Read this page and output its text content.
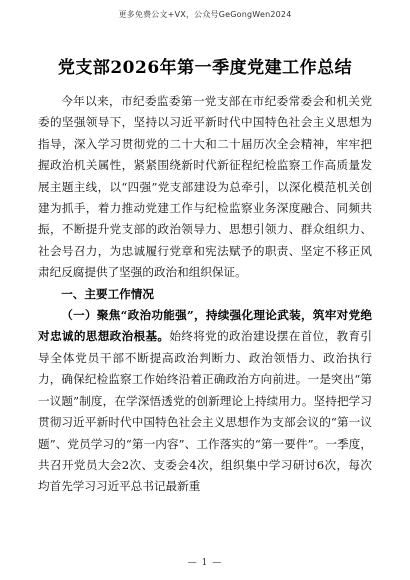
更多免费公文+VX，公众号GeGongWen2024
党支部2026年第一季度党建工作总结

今年以来，市纪委监委第一党支部在市纪委常委会和机关党委的坚强领导下，坚持以习近平新时代中国特色社会主义思想为指导，深入学习贯彻党的二十大和二十届历次全会精神，牢牢把握政治机关属性，紧紧围绕新时代新征程纪检监察工作高质量发展主题主线，以“四强”党支部建设为总牵引，以深化模范机关创建为抓手，着力推动党建工作与纪检监察业务深度融合、同频共振，不断提升党支部的政治领导力、思想引领力、群众组织力、社会号召力，为忠诚履行党章和宪法赋予的职责、坚定不移正风肃纪反腐提供了坚强的政治和组织保证。

一、主要工作情况

（一）聚焦“政治功能强”，持续强化理论武装，筑牢对党绝对忠诚的思想政治根基。始终将党的政治建设摆在首位，教育引导全体党员干部不断提高政治判断力、政治领悟力、政治执行力，确保纪检监察工作始终沿着正确政治方向前进。一是突出“第一议题”制度，在学深悟透党的创新理论上持续用力。坚持把学习贯彻习近平新时代中国特色社会主义思想作为支部会议的“第一议题”、党员学习的“第一内容”、工作落实的“第一要件”。一季度，共召开党员大会2次、支委会4次，组织集中学习研讨6次，每次均首先学习习近平总书记最新重

— 1 —
